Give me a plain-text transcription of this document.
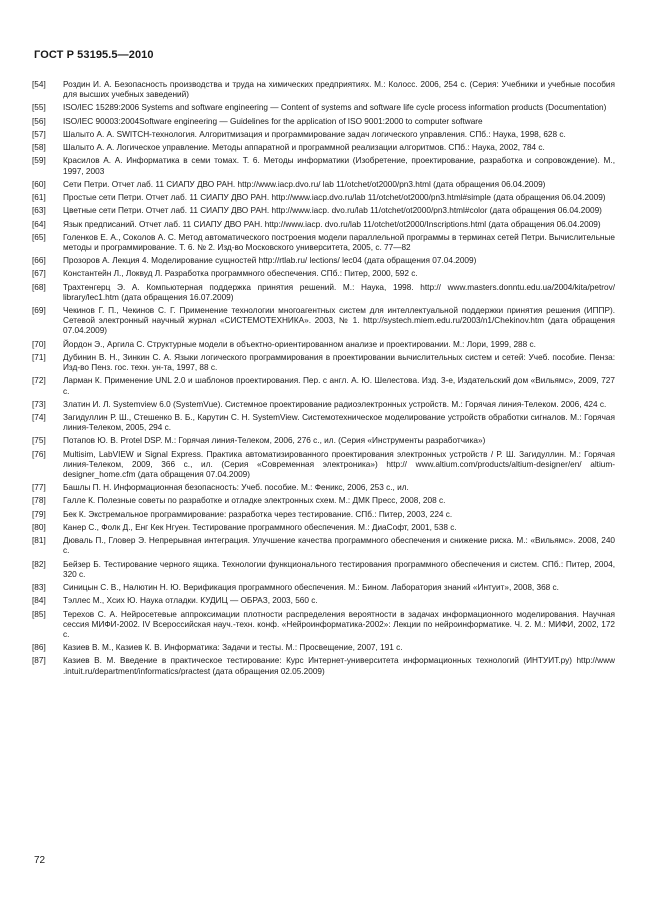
ГОСТ Р 53195.5—2010
[54]	Роздин И. А. Безопасность производства и труда на химических предприятиях. М.: Колосс. 2006, 254 с. (Серия: Учебники и учебные пособия для высших учебных заведений)
[55]	ISO/IEC 15289:2006 Systems and software engineering — Content of systems and software life cycle process information products (Documentation)
[56]	ISO/IEC 90003:2004Software engineering — Guidelines for the application of ISO 9001:2000 to computer software
[57]	Шалыто А. А. SWITCH-технология. Алгоритмизация и программирование задач логического управления. СПб.: Наука, 1998, 628 с.
[58]	Шалыто А. А. Логическое управление. Методы аппаратной и программной реализации алгоритмов. СПб.: Наука, 2002, 784 с.
[59]	Красилов А. А. Информатика в семи томах. Т. 6. Методы информатики (Изобретение, проектирование, разработка и сопровождение). М., 1997, 2003
[60]	Сети Петри. Отчет лаб. 11 СИАПУ ДВО РАН. http://www.iacp.dvo.ru/ lab 11/otchet/ot2000/pn3.html (дата обращения 06.04.2009)
[61]	Простые сети Петри. Отчет лаб. 11 СИАПУ ДВО РАН. http://www.iacp.dvo.ru/lab 11/otchet/ot2000/pn3.html#simple (дата обращения 06.04.2009)
[63]	Цветные сети Петри. Отчет лаб. 11 СИАПУ ДВО РАН. http://www.iacp. dvo.ru/lab 11/otchet/ot2000/pn3.html#color (дата обращения 06.04.2009)
[64]	Язык предписаний. Отчет лаб. 11 СИАПУ ДВО РАН. http://www.iacp. dvo.ru/lab 11/otchet/ot2000/Inscriptions.html (дата обращения 06.04.2009)
[65]	Голенков Е. А., Соколов А. С. Метод автоматического построения модели параллельной программы в терминах сетей Петри. Вычислительные методы и программирование. Т. 6. № 2. Изд-во Московского университета, 2005, с. 77—82
[66]	Прозоров А. Лекция 4. Моделирование сущностей http://rtlab.ru/ lections/ lec04 (дата обращения 07.04.2009)
[67]	Константейн Л., Локвуд Л. Разработка программного обеспечения. СПб.: Питер, 2000, 592 с.
[68]	Трахтенгерц Э. А. Компьютерная поддержка принятия решений. М.: Наука, 1998. http:// www.masters.donntu.edu.ua/2004/kita/petrov/ library/lec1.htm (дата обращения 16.07.2009)
[69]	Чекинов Г. П., Чекинов С. Г. Применение технологии многоагентных систем для интеллектуальной поддержки принятия решения (ИППР). Сетевой электронный научный журнал «СИСТЕМОТЕХНИКА». 2003, № 1. http://systech.miem.edu.ru/2003/n1/Chekinov.htm (дата обращения 07.04.2009)
[70]	Йордон Э., Аргила С. Структурные модели в объектно-ориентированном анализе и проектировании. М.: Лори, 1999, 288 с.
[71]	Дубинин В. Н., Зинкин С. А. Языки логического программирования в проектировании вычислительных систем и сетей: Учеб. пособие. Пенза: Изд-во Пенз. гос. техн. ун-та, 1997, 88 с.
[72]	Ларман К. Применение UNL 2.0 и шаблонов проектирования. Пер. с англ. А. Ю. Шелестова. Изд. 3-е, Издательский дом «Вильямс», 2009, 727 с.
[73]	Златин И. Л. Systemview 6.0 (SystemVue). Системное проектирование радиоэлектронных устройств. М.: Горячая линия-Телеком. 2006, 424 с.
[74]	Загидуллин Р. Ш., Стешенко В. Б., Карутин С. Н. SystemView. Системотехническое моделирование устройств обработки сигналов. М.: Горячая линия-Телеком, 2005, 294 с.
[75]	Потапов Ю. В. Protel DSP. М.: Горячая линия-Телеком, 2006, 276 с., ил. (Серия «Инструменты разработчика»)
[76]	Multisim, LabVIEW и Signal Express. Практика автоматизированного проектирования электронных устройств / Р. Ш. Загидуллин. М.: Горячая линия-Телеком, 2009, 366 с., ил. (Серия «Современная электроника») http:// www.altium.com/products/altium-designer/en/ altium-designer_home.cfm (дата обращения 07.04.2009)
[77]	Башлы П. Н. Информационная безопасность: Учеб. пособие. М.: Феникс, 2006, 253 с., ил.
[78]	Галле К. Полезные советы по разработке и отладке электронных схем. М.: ДМК Пресс, 2008, 208 с.
[79]	Бек К. Экстремальное программирование: разработка через тестирование. СПб.: Питер, 2003, 224 с.
[80]	Канер С., Фолк Д., Енг Кек Нгуен. Тестирование программного обеспечения. М.: ДиаСофт, 2001, 538 с.
[81]	Дюваль П., Гловер Э. Непрерывная интеграция. Улучшение качества программного обеспечения и снижение риска. М.: «Вильямс». 2008, 240 с.
[82]	Бейзер Б. Тестирование черного ящика. Технологии функционального тестирования программного обеспечения и систем. СПб.: Питер, 2004, 320 с.
[83]	Синицын С. В., Налютин Н. Ю. Верификация программного обеспечения. М.: Бином. Лаборатория знаний «Интуит», 2008, 368 с.
[84]	Тэллес М., Хсих Ю. Наука отладки. КУДИЦ — ОБРАЗ, 2003, 560 с.
[85]	Терехов С. А. Нейросетевые аппроксимации плотности распределения вероятности в задачах информационного моделирования. Научная сессия МИФИ-2002. IV Всероссийская науч.-техн. конф. «Нейроинформатика-2002»: Лекции по нейроинформатике. Ч. 2. М.: МИФИ, 2002, 172 с.
[86]	Казиев В. М., Казиев К. В. Информатика: Задачи и тесты. М.: Просвещение, 2007, 191 с.
[87]	Казиев В. М. Введение в практическое тестирование: Курс Интернет-университета информационных технологий (ИНТУИТ.ру) http://www .intuit.ru/department/informatics/practest (дата обращения 02.05.2009)
72
